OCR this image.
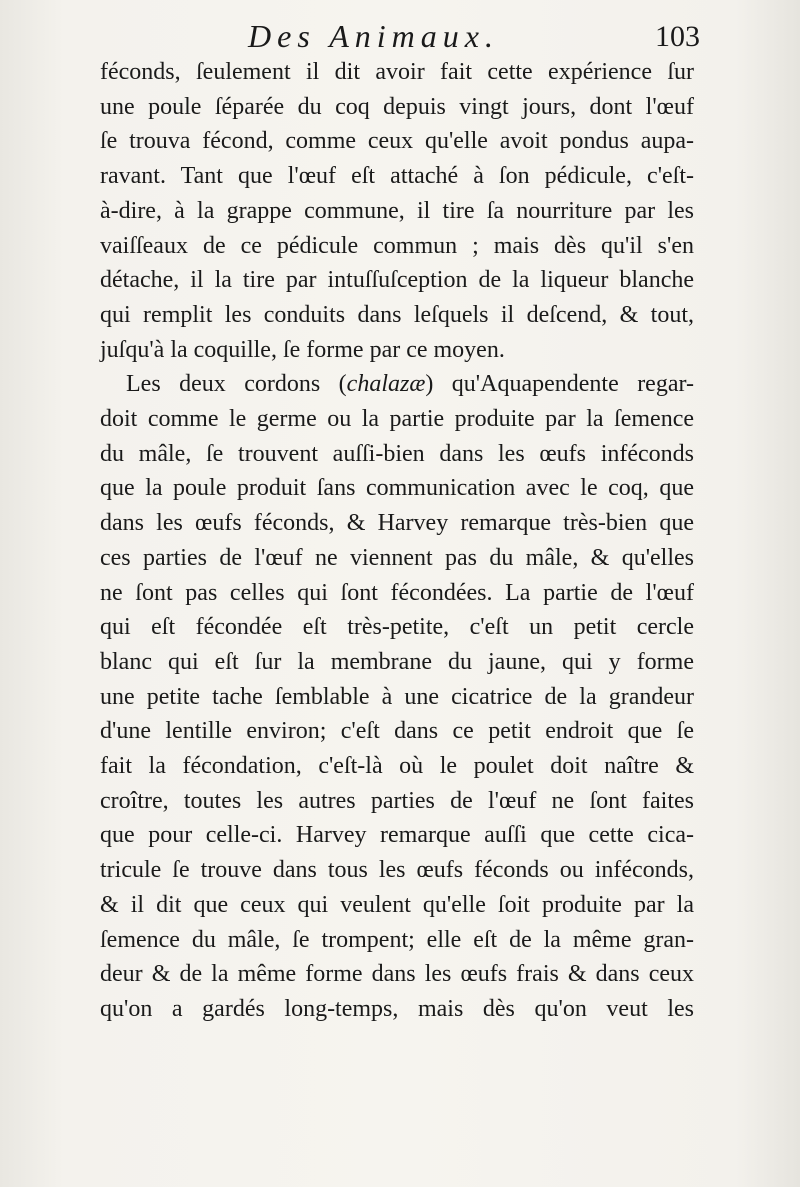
Des Animaux.	103
féconds, ſeulement il dit avoir fait cette expérience ſur
une poule ſéparée du coq depuis vingt jours, dont l'œuf
ſe trouva fécond, comme ceux qu'elle avoit pondus aupa-
ravant. Tant que l'œuf eſt attaché à ſon pédicule, c'eſt-
à-dire, à la grappe commune, il tire ſa nourriture par les
vaiſſeaux de ce pédicule commun ; mais dès qu'il s'en
détache, il la tire par intuſſuſception de la liqueur blanche
qui remplit les conduits dans leſquels il deſcend, & tout,
juſqu'à la coquille, ſe forme par ce moyen.
Les deux cordons (chalazæ) qu'Aquapendente regar-
doit comme le germe ou la partie produite par la ſemence
du mâle, ſe trouvent auſſi-bien dans les œufs inféconds
que la poule produit ſans communication avec le coq, que
dans les œufs féconds, & Harvey remarque très-bien que
ces parties de l'œuf ne viennent pas du mâle, & qu'elles
ne ſont pas celles qui ſont fécondées. La partie de l'œuf
qui eſt fécondée eſt très-petite, c'eſt un petit cercle
blanc qui eſt ſur la membrane du jaune, qui y forme
une petite tache ſemblable à une cicatrice de la grandeur
d'une lentille environ; c'eſt dans ce petit endroit que ſe
fait la fécondation, c'eſt-là où le poulet doit naître &
croître, toutes les autres parties de l'œuf ne ſont faites
que pour celle-ci. Harvey remarque auſſi que cette cica-
tricule ſe trouve dans tous les œufs féconds ou inféconds,
& il dit que ceux qui veulent qu'elle ſoit produite par la
ſemence du mâle, ſe trompent; elle eſt de la même gran-
deur & de la même forme dans les œufs frais & dans ceux
qu'on a gardés long-temps, mais dès qu'on veut les
